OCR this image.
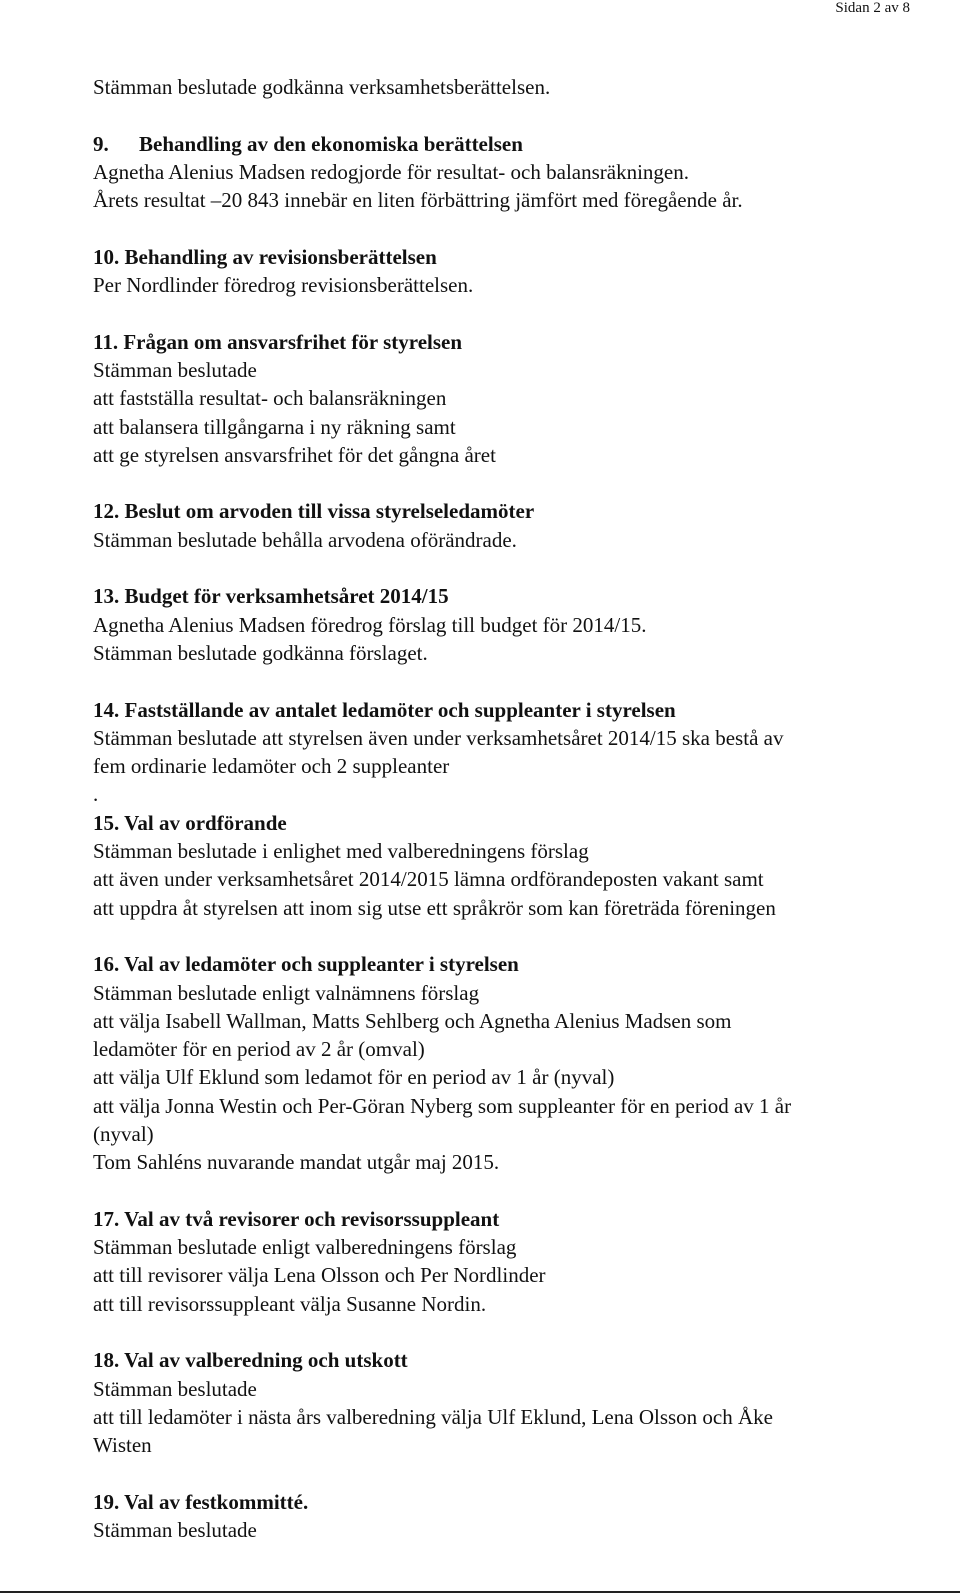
Sidan 2 av 8

Stämman beslutade godkänna verksamhetsberättelsen.

9. Behandling av den ekonomiska berättelsen

Agnetha Alenius Madsen redogjorde för resultat- och balansräkningen.

Årets resultat –20 843 innebär en liten förbättring jämfört med föregående år.

10. Behandling av revisionsberättelsen

Per Nordlinder föredrog revisionsberättelsen.

11. Frågan om ansvarsfrihet för styrelsen

Stämman beslutade

att fastställa resultat- och balansräkningen

att balansera tillgångarna i ny räkning samt

att ge styrelsen ansvarsfrihet för det gångna året

12. Beslut om arvoden till vissa styrelseledamöter

Stämman beslutade behålla arvodena oförändrade.

13. Budget för verksamhetsåret 2014/15

Agnetha Alenius Madsen föredrog förslag till budget för 2014/15.

Stämman beslutade godkänna förslaget.

14. Fastställande av antalet ledamöter och suppleanter i styrelsen

Stämman beslutade att styrelsen även under verksamhetsåret 2014/15 ska bestå av

fem ordinarie ledamöter och 2 suppleanter

.

15. Val av ordförande

Stämman beslutade i enlighet med valberedningens förslag

att även under verksamhetsåret 2014/2015 lämna ordförandeposten vakant samt

att uppdra åt styrelsen att inom sig utse ett språkrör som kan företräda föreningen

16. Val av ledamöter och suppleanter i styrelsen

Stämman beslutade enligt valnämnens förslag

att välja Isabell Wallman, Matts Sehlberg och Agnetha Alenius Madsen som

ledamöter för en period av 2 år (omval)

att välja Ulf Eklund som ledamot för en period av 1 år (nyval)

att välja Jonna Westin och Per-Göran Nyberg som suppleanter för en period av 1 år

(nyval)

Tom Sahléns nuvarande mandat utgår maj 2015.

17. Val av två revisorer och revisorssuppleant

Stämman beslutade enligt valberedningens förslag

att till revisorer välja Lena Olsson och Per Nordlinder

att till revisorssuppleant välja Susanne Nordin.

18. Val av valberedning och utskott

Stämman beslutade

att till ledamöter i nästa års valberedning välja Ulf Eklund, Lena Olsson och Åke

Wisten

19. Val av festkommitté.

Stämman beslutade
